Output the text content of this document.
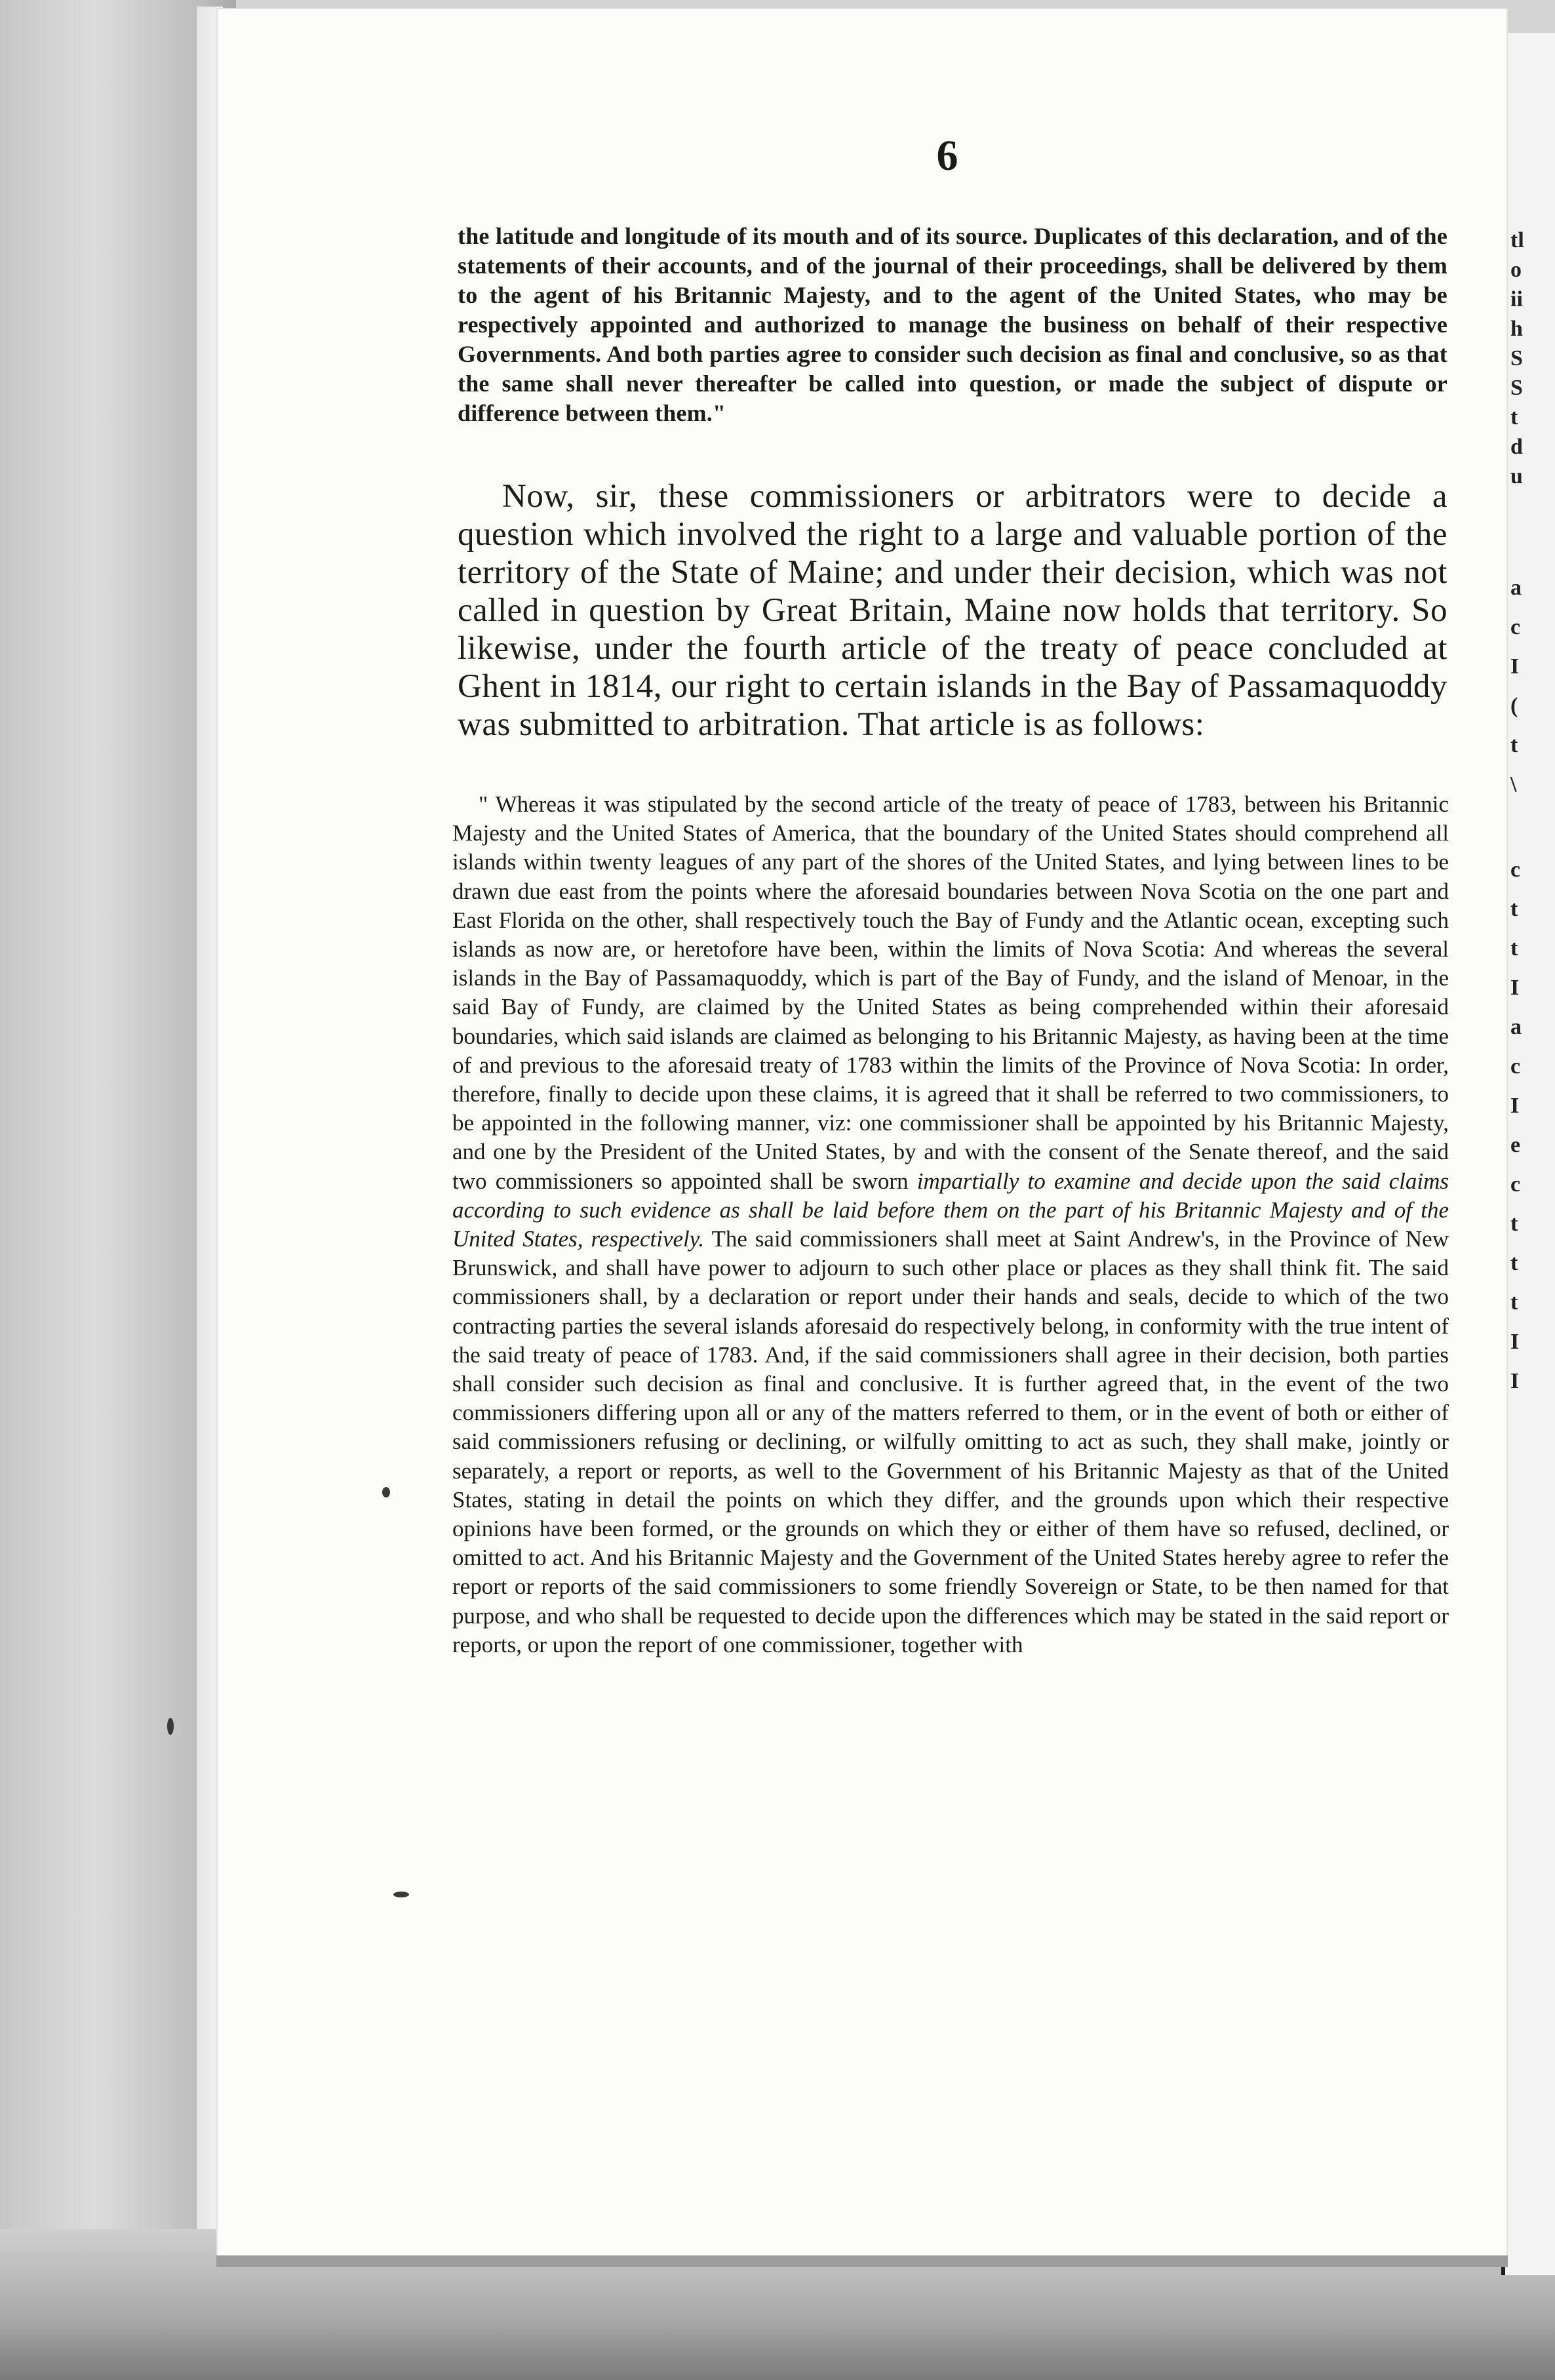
tl
o
ii
h
S
S
t
d
u
a
c
I
(
t
\
c
t
t
I
a
c
I
e
c
t
t
t
I
I
6

the latitude and longitude of its mouth and of its source. Duplicates of this declaration, and of the statements of their accounts, and of the journal of their proceedings, shall be delivered by them to the agent of his Britannic Majesty, and to the agent of the United States, who may be respectively appointed and authorized to manage the business on behalf of their respective Governments. And both parties agree to consider such decision as final and conclusive, so as that the same shall never thereafter be called into question, or made the subject of dispute or difference between them."

Now, sir, these commissioners or arbitrators were to decide a question which involved the right to a large and valuable portion of the territory of the State of Maine; and under their decision, which was not called in question by Great Britain, Maine now holds that territory. So likewise, under the fourth article of the treaty of peace concluded at Ghent in 1814, our right to certain islands in the Bay of Passamaquoddy was submitted to arbitration. That article is as follows:

" Whereas it was stipulated by the second article of the treaty of peace of 1783, between his Britannic Majesty and the United States of America, that the boundary of the United States should comprehend all islands within twenty leagues of any part of the shores of the United States, and lying between lines to be drawn due east from the points where the aforesaid boundaries between Nova Scotia on the one part and East Florida on the other, shall respectively touch the Bay of Fundy and the Atlantic ocean, excepting such islands as now are, or heretofore have been, within the limits of Nova Scotia: And whereas the several islands in the Bay of Passamaquoddy, which is part of the Bay of Fundy, and the island of Menoar, in the said Bay of Fundy, are claimed by the United States as being comprehended within their aforesaid boundaries, which said islands are claimed as belonging to his Britannic Majesty, as having been at the time of and previous to the aforesaid treaty of 1783 within the limits of the Province of Nova Scotia: In order, therefore, finally to decide upon these claims, it is agreed that it shall be referred to two commissioners, to be appointed in the following manner, viz: one commissioner shall be appointed by his Britannic Majesty, and one by the President of the United States, by and with the consent of the Senate thereof, and the said two commissioners so appointed shall be sworn impartially to examine and decide upon the said claims according to such evidence as shall be laid before them on the part of his Britannic Majesty and of the United States, respectively. The said commissioners shall meet at Saint Andrew's, in the Province of New Brunswick, and shall have power to adjourn to such other place or places as they shall think fit. The said commissioners shall, by a declaration or report under their hands and seals, decide to which of the two contracting parties the several islands aforesaid do respectively belong, in conformity with the true intent of the said treaty of peace of 1783. And, if the said commissioners shall agree in their decision, both parties shall consider such decision as final and conclusive. It is further agreed that, in the event of the two commissioners differing upon all or any of the matters referred to them, or in the event of both or either of said commissioners refusing or declining, or wilfully omitting to act as such, they shall make, jointly or separately, a report or reports, as well to the Government of his Britannic Majesty as that of the United States, stating in detail the points on which they differ, and the grounds upon which their respective opinions have been formed, or the grounds on which they or either of them have so refused, declined, or omitted to act. And his Britannic Majesty and the Government of the United States hereby agree to refer the report or reports of the said commissioners to some friendly Sovereign or State, to be then named for that purpose, and who shall be requested to decide upon the differences which may be stated in the said report or reports, or upon the report of one commissioner, together with
